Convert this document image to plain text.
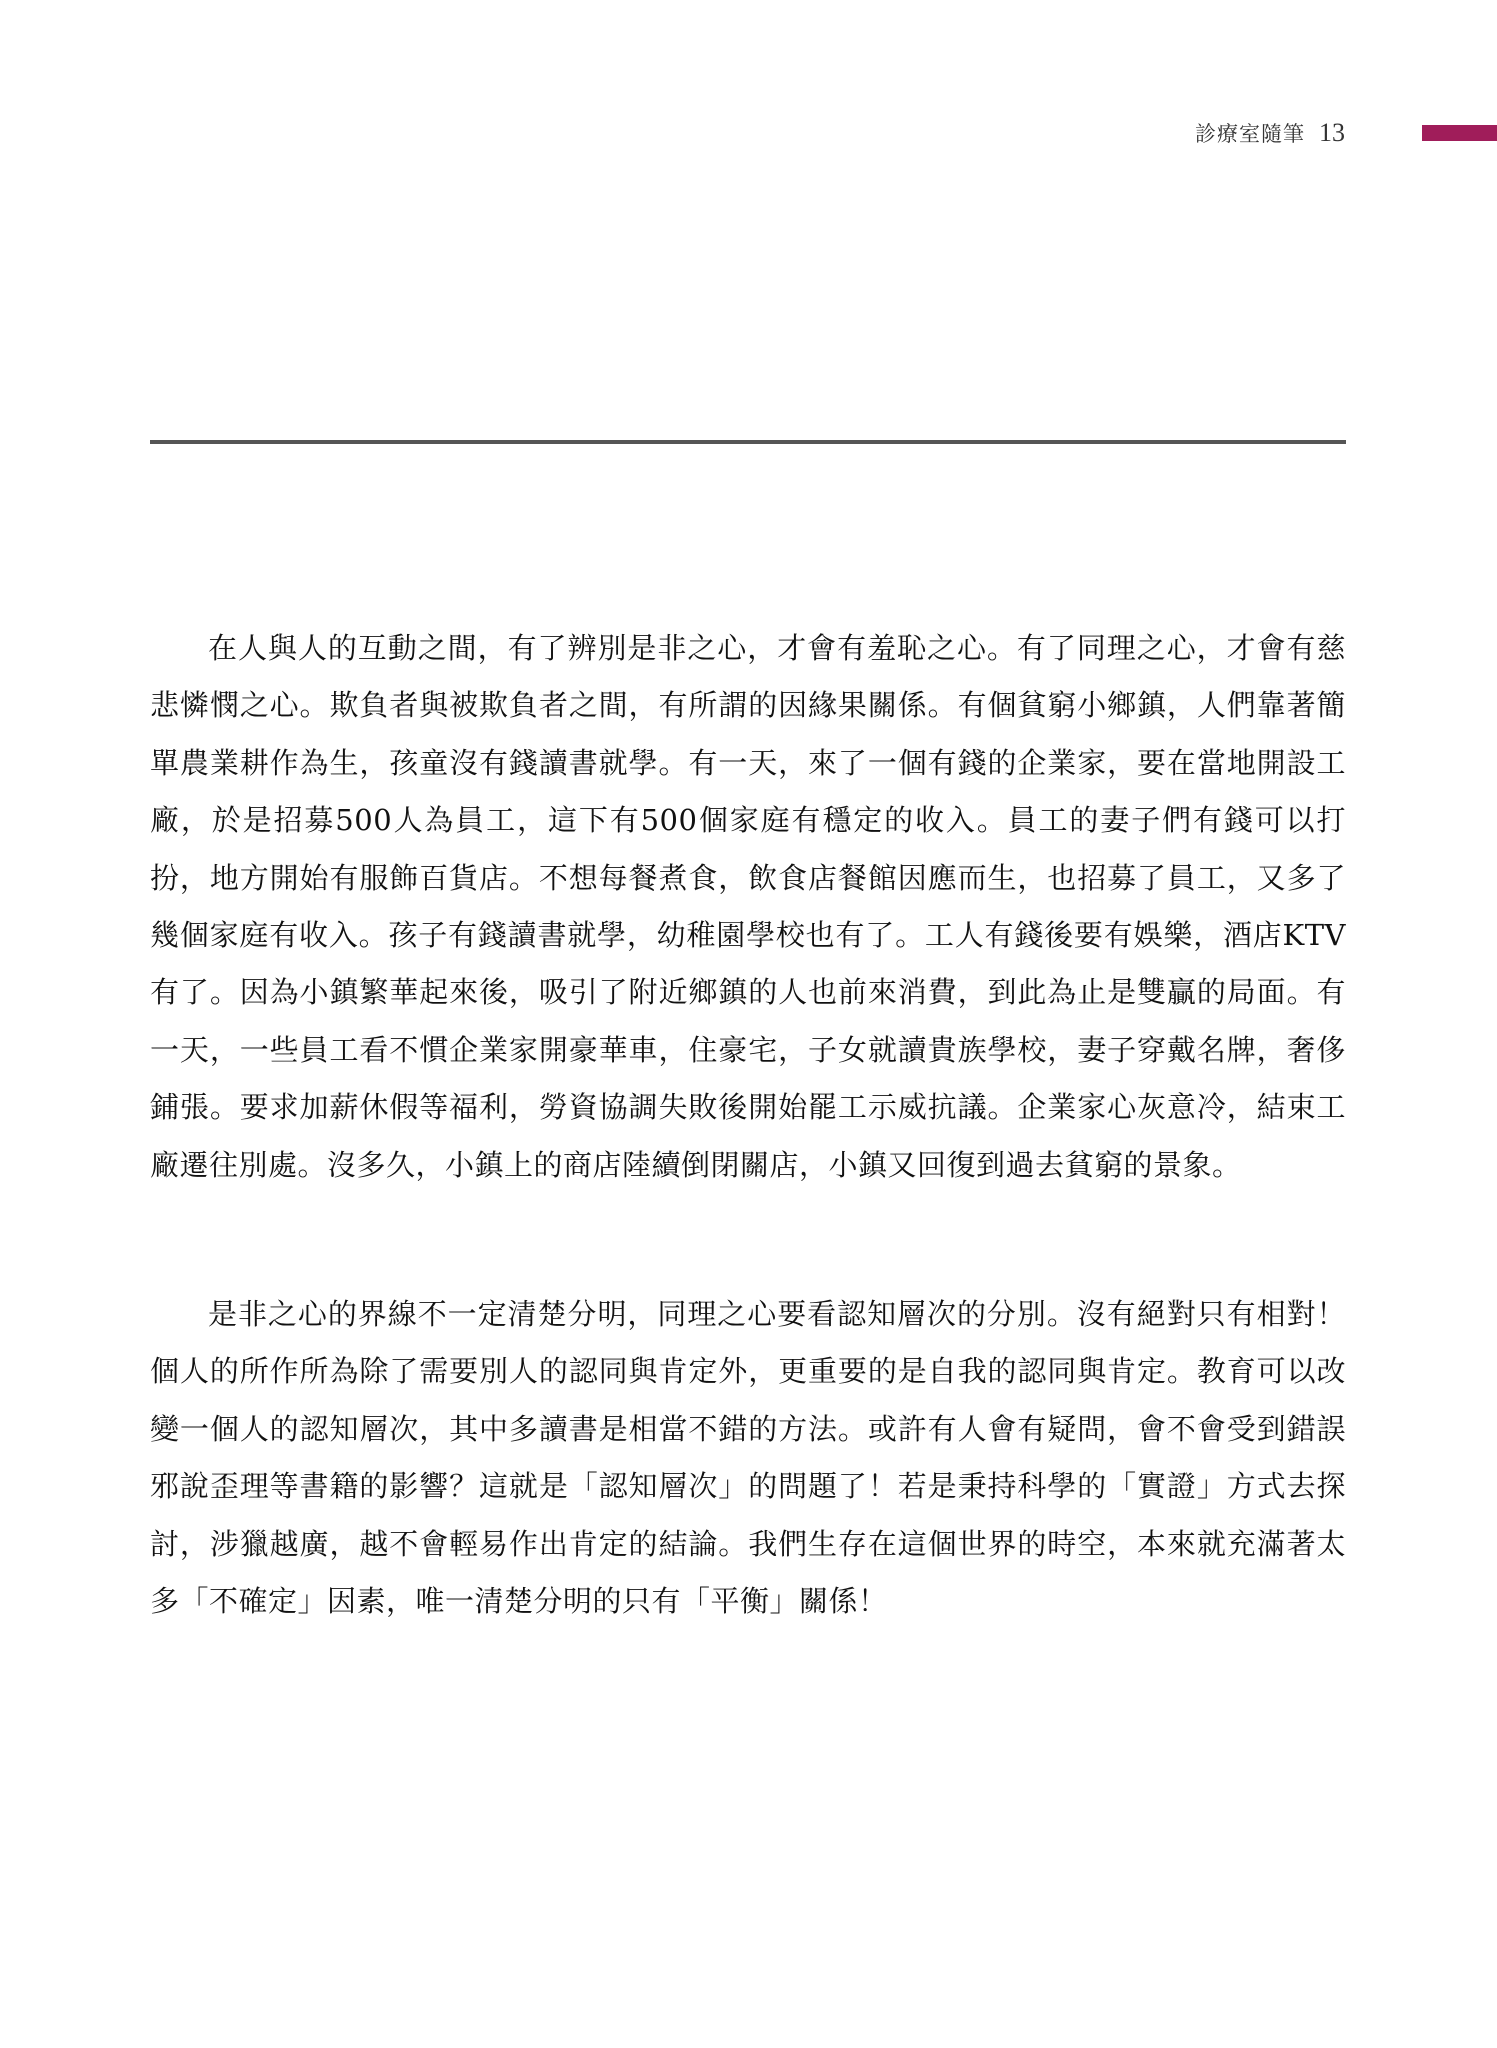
診療室隨筆 13

在人與人的互動之間，有了辨別是非之心，才會有羞恥之心。有了同理之心，才會有慈悲憐憫之心。欺負者與被欺負者之間，有所謂的因緣果關係。有個貧窮小鄉鎮，人們靠著簡單農業耕作為生，孩童沒有錢讀書就學。有一天，來了一個有錢的企業家，要在當地開設工廠，於是招募500人為員工，這下有500個家庭有穩定的收入。員工的妻子們有錢可以打扮，地方開始有服飾百貨店。不想每餐煮食，飲食店餐館因應而生，也招募了員工，又多了幾個家庭有收入。孩子有錢讀書就學，幼稚園學校也有了。工人有錢後要有娛樂，酒店KTV有了。因為小鎮繁華起來後，吸引了附近鄉鎮的人也前來消費，到此為止是雙贏的局面。有一天，一些員工看不慣企業家開豪華車，住豪宅，子女就讀貴族學校，妻子穿戴名牌，奢侈鋪張。要求加薪休假等福利，勞資協調失敗後開始罷工示威抗議。企業家心灰意冷，結束工廠遷往別處。沒多久，小鎮上的商店陸續倒閉關店，小鎮又回復到過去貧窮的景象。

是非之心的界線不一定清楚分明，同理之心要看認知層次的分別。沒有絕對只有相對！個人的所作所為除了需要別人的認同與肯定外，更重要的是自我的認同與肯定。教育可以改變一個人的認知層次，其中多讀書是相當不錯的方法。或許有人會有疑問，會不會受到錯誤邪說歪理等書籍的影響？這就是「認知層次」的問題了！若是秉持科學的「實證」方式去探討，涉獵越廣，越不會輕易作出肯定的結論。我們生存在這個世界的時空，本來就充滿著太多「不確定」因素，唯一清楚分明的只有「平衡」關係！
